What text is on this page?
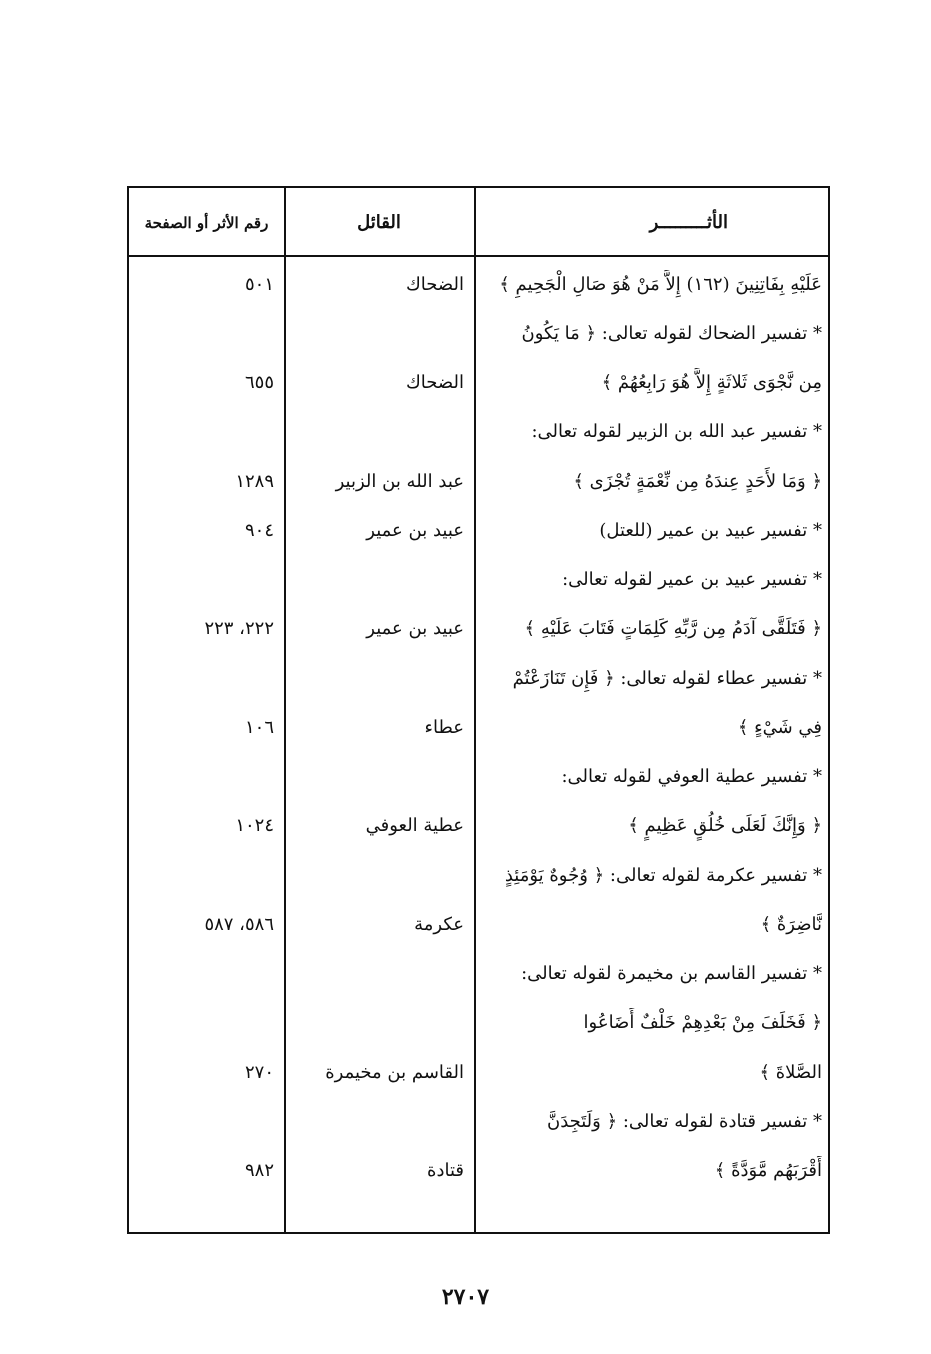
الأثـــــــــر
القائل
رقم الأثر أو الصفحة
عَلَيْهِ بِفَاتِنِينَ (١٦٢) إِلاَّ مَنْ هُوَ صَالِ الْجَحِيمِ ﴾
* تفسير الضحاك لقوله تعالى: ﴿ مَا يَكُونُ
مِن نَّجْوَى ثَلاثَةٍ إِلاَّ هُوَ رَابِعُهُمْ ﴾
* تفسير عبد الله بن الزبير لقوله تعالى:
﴿ وَمَا لأَحَدٍ عِندَهُ مِن نِّعْمَةٍ تُجْزَى ﴾
* تفسير عبيد بن عمير (للعتل)
* تفسير عبيد بن عمير لقوله تعالى:
﴿ فَتَلَقَّى آدَمُ مِن رَّبِّهِ كَلِمَاتٍ فَتَابَ عَلَيْهِ ﴾
* تفسير عطاء لقوله تعالى: ﴿ فَإِن تَنَازَعْتُمْ
فِي شَيْءٍ ﴾
* تفسير عطية العوفي لقوله تعالى:
﴿ وَإِنَّكَ لَعَلَى خُلُقٍ عَظِيمٍ ﴾
* تفسير عكرمة لقوله تعالى: ﴿ وُجُوهٌ يَوْمَئِذٍ
نَّاضِرَةٌ ﴾
* تفسير القاسم بن مخيمرة لقوله تعالى:
﴿ فَخَلَفَ مِنْ بَعْدِهِمْ خَلْفٌ أَضَاعُوا
الصَّلاةَ ﴾
* تفسير قتادة لقوله تعالى: ﴿ وَلَتَجِدَنَّ
أَقْرَبَهُم مَّوَدَّةً ﴾
الضحاك
الضحاك
عبد الله بن الزبير
عبيد بن عمير
عبيد بن عمير
عطاء
عطية العوفي
عكرمة
القاسم بن مخيمرة
قتادة
٥٠١
٦٥٥
١٢٨٩
٩٠٤
٢٢٢، ٢٢٣
١٠٦
١٠٢٤
٥٨٦، ٥٨٧
٢٧٠
٩٨٢
٢٧٠٧
